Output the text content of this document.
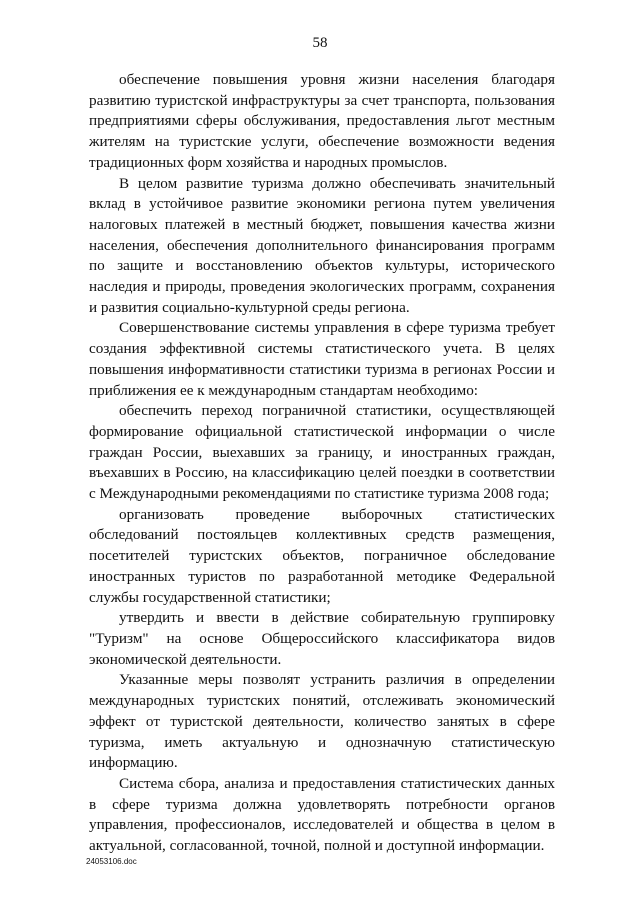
58

обеспечение повышения уровня жизни населения благодаря развитию туристской инфраструктуры за счет транспорта, пользования предприятиями сферы обслуживания, предоставления льгот местным жителям на туристские услуги, обеспечение возможности ведения традиционных форм хозяйства и народных промыслов.

В целом развитие туризма должно обеспечивать значительный вклад в устойчивое развитие экономики региона путем увеличения налоговых платежей в местный бюджет, повышения качества жизни населения, обеспечения дополнительного финансирования программ по защите и восстановлению объектов культуры, исторического наследия и природы, проведения экологических программ, сохранения и развития социально-культурной среды региона.

Совершенствование системы управления в сфере туризма требует создания эффективной системы статистического учета. В целях повышения информативности статистики туризма в регионах России и приближения ее к международным стандартам необходимо:

обеспечить переход пограничной статистики, осуществляющей формирование официальной статистической информации о числе граждан России, выехавших за границу, и иностранных граждан, въехавших в Россию, на классификацию целей поездки в соответствии с Международными рекомендациями по статистике туризма 2008 года;

организовать проведение выборочных статистических обследований постояльцев коллективных средств размещения, посетителей туристских объектов, пограничное обследование иностранных туристов по разработанной методике Федеральной службы государственной статистики;

утвердить и ввести в действие собирательную группировку "Туризм" на основе Общероссийского классификатора видов экономической деятельности.

Указанные меры позволят устранить различия в определении международных туристских понятий, отслеживать экономический эффект от туристской деятельности, количество занятых в сфере туризма, иметь актуальную и однозначную статистическую информацию.

Система сбора, анализа и предоставления статистических данных в сфере туризма должна удовлетворять потребности органов управления, профессионалов, исследователей и общества в целом в актуальной, согласованной, точной, полной и доступной информации.

24053106.doc
